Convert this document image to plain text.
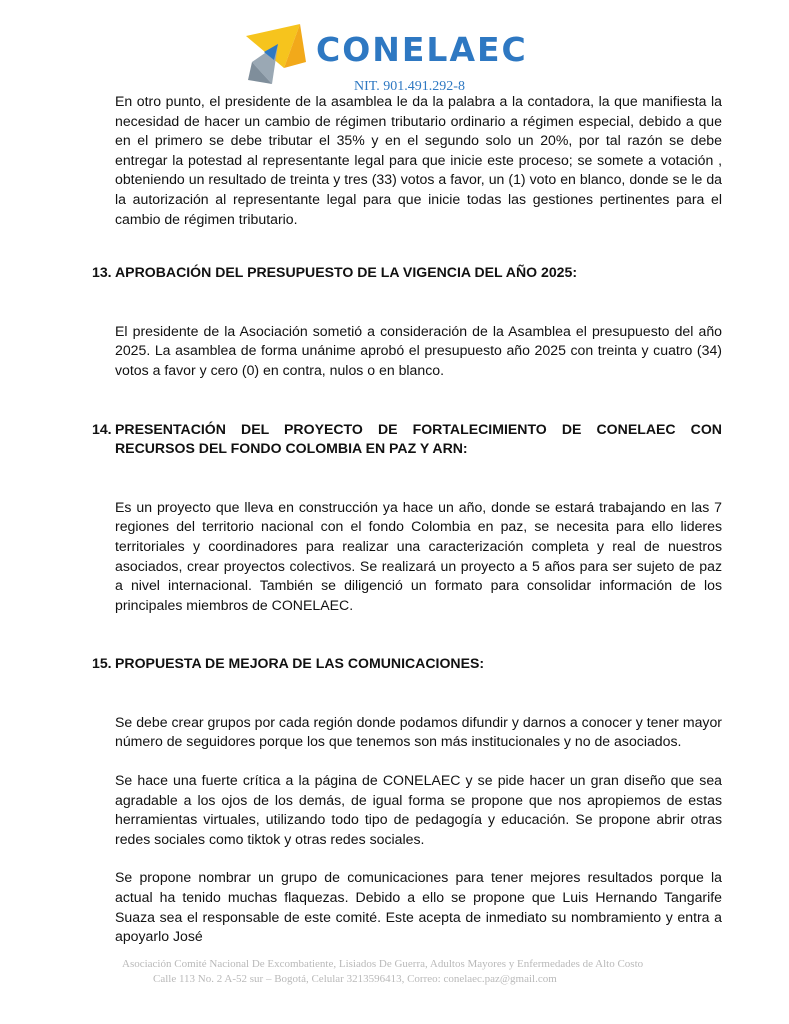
CONELAEC
NIT. 901.491.292-8

En otro punto, el presidente de la asamblea le da la palabra a la contadora, la que manifiesta la necesidad de hacer un cambio de régimen tributario ordinario a régimen especial, debido a que en el primero se debe tributar el 35% y en el segundo solo un 20%, por tal razón se debe entregar la potestad al representante legal para que inicie este proceso; se somete a votación , obteniendo un resultado de treinta y tres (33) votos a favor, un (1) voto en blanco, donde se le da la autorización al representante legal para que inicie todas las gestiones pertinentes para el cambio de régimen tributario.

13. APROBACIÓN DEL PRESUPUESTO DE LA VIGENCIA DEL AÑO 2025:

El presidente de la Asociación sometió a consideración de la Asamblea el presupuesto del año 2025. La asamblea de forma unánime aprobó el presupuesto año 2025 con treinta y cuatro (34) votos a favor y cero (0) en contra, nulos o en blanco.

14. PRESENTACIÓN DEL PROYECTO DE FORTALECIMIENTO DE CONELAEC CON RECURSOS DEL FONDO COLOMBIA EN PAZ Y ARN:

Es un proyecto que lleva en construcción ya hace un año, donde se estará trabajando en las 7 regiones del territorio nacional con el fondo Colombia en paz, se necesita para ello lideres territoriales y coordinadores para realizar una caracterización completa y real de nuestros asociados, crear proyectos colectivos. Se realizará un proyecto a 5 años para ser sujeto de paz a nivel internacional. También se diligenció un formato para consolidar información de los principales miembros de CONELAEC.

15. PROPUESTA DE MEJORA DE LAS COMUNICACIONES:

Se debe crear grupos por cada región donde podamos difundir y darnos a conocer y tener mayor número de seguidores porque los que tenemos son más institucionales y no de asociados.

Se hace una fuerte crítica a la página de CONELAEC y se pide hacer un gran diseño que sea agradable a los ojos de los demás, de igual forma se propone que nos apropiemos de estas herramientas virtuales, utilizando todo tipo de pedagogía y educación. Se propone abrir otras redes sociales como tiktok y otras redes sociales.

Se propone nombrar un grupo de comunicaciones para tener mejores resultados porque la actual ha tenido muchas flaquezas. Debido a ello se propone que Luis Hernando Tangarife Suaza sea el responsable de este comité. Este acepta de inmediato su nombramiento y entra a apoyarlo José

Asociación Comité Nacional De Excombatiente, Lisiados De Guerra, Adultos Mayores y Enfermedades de Alto Costo
Calle 113 No. 2 A-52 sur – Bogotá, Celular 3213596413, Correo: conelaec.paz@gmail.com
